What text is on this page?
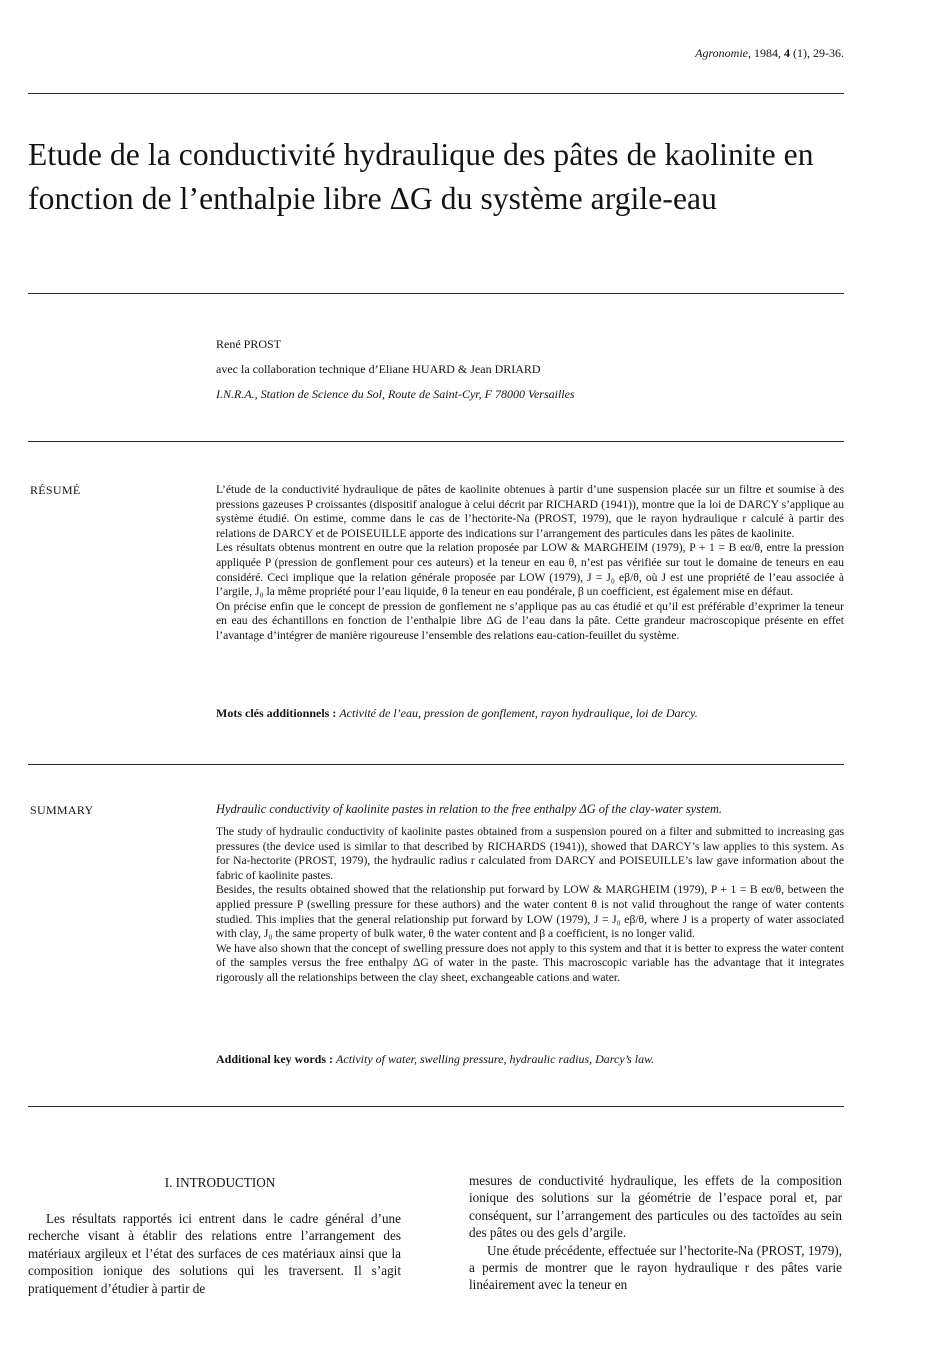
Agronomie, 1984, 4 (1), 29-36.
Etude de la conductivité hydraulique des pâtes de kaolinite en fonction de l’enthalpie libre ΔG du système argile-eau
René PROST
avec la collaboration technique d’Eliane HUARD & Jean DRIARD
I.N.R.A., Station de Science du Sol, Route de Saint-Cyr, F 78000 Versailles
RÉSUMÉ	L’étude de la conductivité hydraulique de pâtes de kaolinite obtenues à partir d’une suspension placée sur un filtre et soumise à des pressions gazeuses P croissantes (dispositif analogue à celui décrit par RICHARD (1941)), montre que la loi de DARCY s’applique au système étudié. On estime, comme dans le cas de l’hectorite-Na (PROST, 1979), que le rayon hydraulique r calculé à partir des relations de DARCY et de POISEUILLE apporte des indications sur l’arrangement des particules dans les pâtes de kaolinite.

Les résultats obtenus montrent en outre que la relation proposée par LOW & MARGHEIM (1979), P + 1 = B eα/θ, entre la pression appliquée P (pression de gonflement pour ces auteurs) et la teneur en eau θ, n’est pas vérifiée sur tout le domaine de teneurs en eau considéré. Ceci implique que la relation générale proposée par LOW (1979), J = J₀ eβ/θ, où J est une propriété de l’eau associée à l’argile, J₀ la même propriété pour l’eau liquide, θ la teneur en eau pondérale, β un coefficient, est également mise en défaut.

On précise enfin que le concept de pression de gonflement ne s’applique pas au cas étudié et qu’il est préférable d’exprimer la teneur en eau des échantillons en fonction de l’enthalpie libre ΔG de l’eau dans la pâte. Cette grandeur macroscopique présente en effet l’avantage d’intégrer de manière rigoureuse l’ensemble des relations eau-cation-feuillet du système.

Mots clés additionnels : Activité de l’eau, pression de gonflement, rayon hydraulique, loi de Darcy.
SUMMARY	Hydraulic conductivity of kaolinite pastes in relation to the free enthalpy ΔG of the clay-water system.

The study of hydraulic conductivity of kaolinite pastes obtained from a suspension poured on a filter and submitted to increasing gas pressures (the device used is similar to that described by RICHARDS (1941)), showed that DARCY’s law applies to this system. As for Na-hectorite (PROST, 1979), the hydraulic radius r calculated from DARCY and POISEUILLE’s law gave information about the fabric of kaolinite pastes.

Besides, the results obtained showed that the relationship put forward by LOW & MARGHEIM (1979), P + 1 = B eα/θ, between the applied pressure P (swelling pressure for these authors) and the water content θ is not valid throughout the range of water contents studied. This implies that the general relationship put forward by LOW (1979), J = J₀ eβ/θ, where J is a property of water associated with clay, J₀ the same property of bulk water, θ the water content and β a coefficient, is no longer valid.

We have also shown that the concept of swelling pressure does not apply to this system and that it is better to express the water content of the samples versus the free enthalpy ΔG of water in the paste. This macroscopic variable has the advantage that it integrates rigorously all the relationships between the clay sheet, exchangeable cations and water.

Additional key words : Activity of water, swelling pressure, hydraulic radius, Darcy’s law.
I. INTRODUCTION

Les résultats rapportés ici entrent dans le cadre général d’une recherche visant à établir des relations entre l’arrangement des matériaux argileux et l’état des surfaces de ces matériaux ainsi que la composition ionique des solutions qui les traversent. Il s’agit pratiquement d’étudier à partir de

mesures de conductivité hydraulique, les effets de la composition ionique des solutions sur la géométrie de l’espace poral et, par conséquent, sur l’arrangement des particules ou des tactoïdes au sein des pâtes ou des gels d’argile.

Une étude précédente, effectuée sur l’hectorite-Na (PROST, 1979), a permis de montrer que le rayon hydraulique r des pâtes varie linéairement avec la teneur en
